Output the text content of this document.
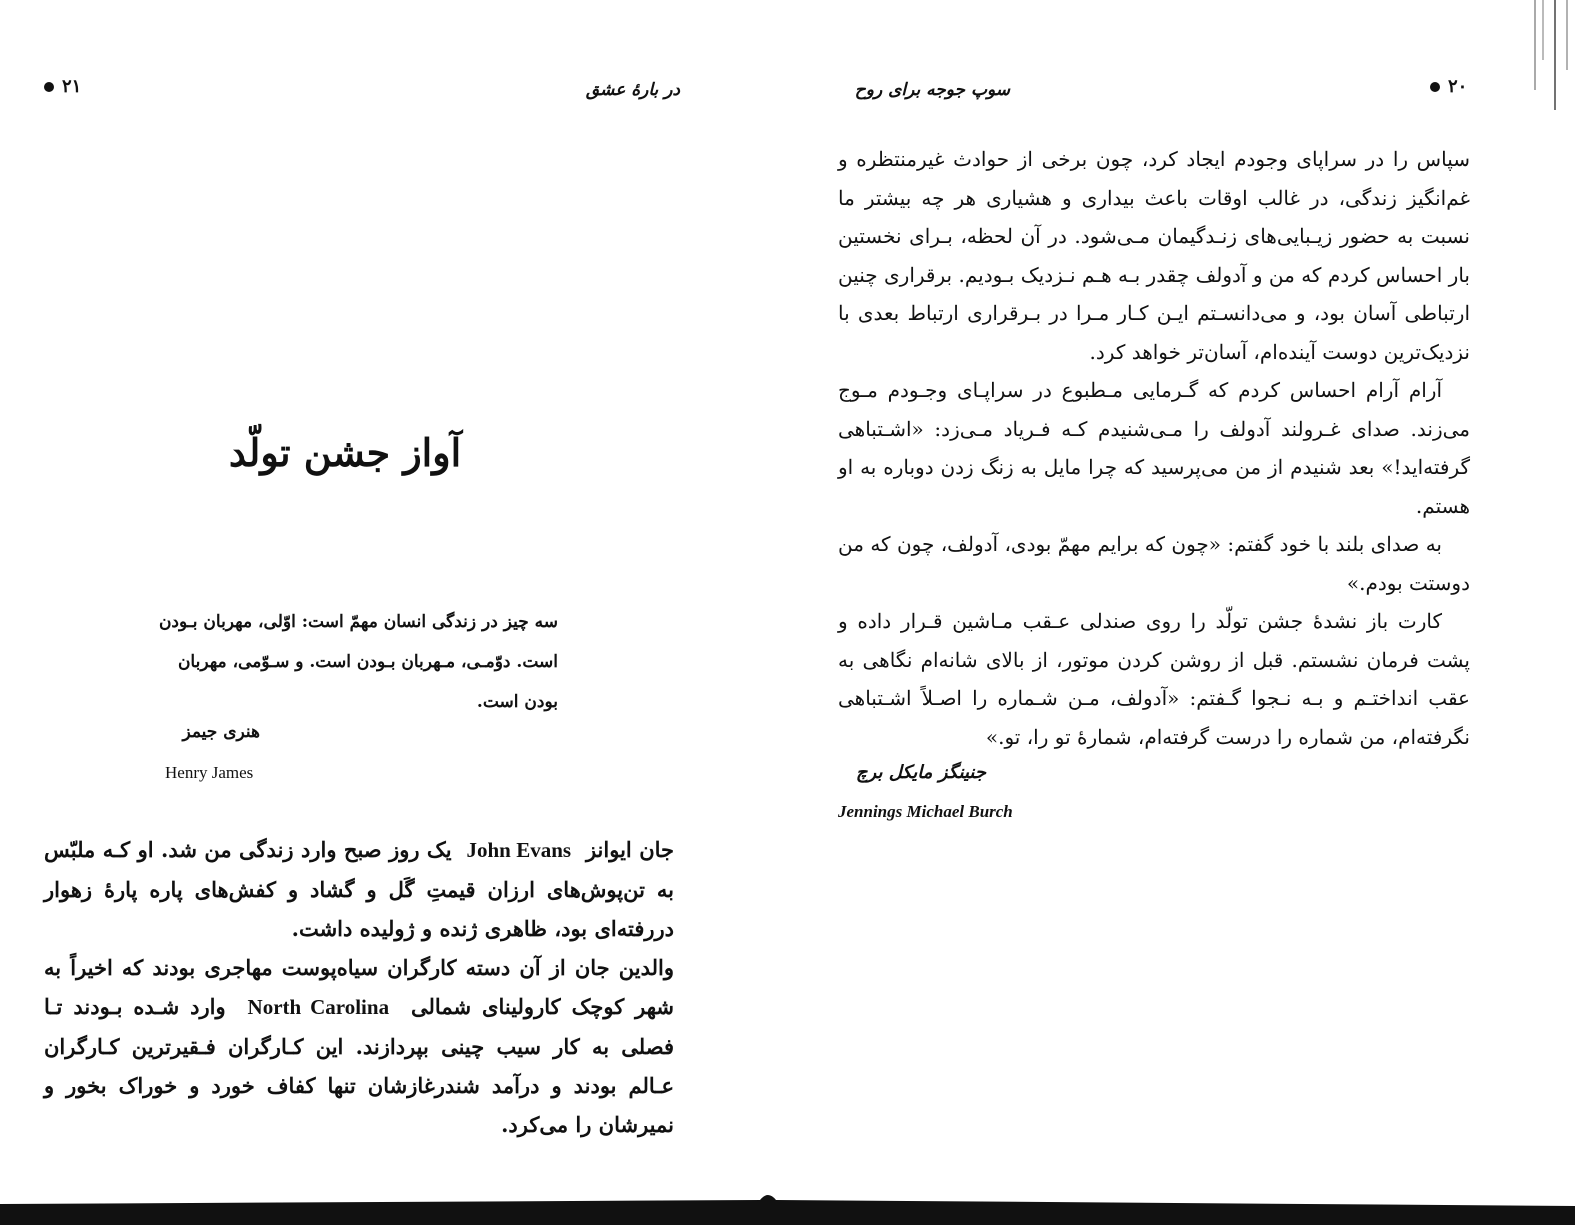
۲۱	در بارهٔ عشق
آواز جشن تولّد
سه چیز در زندگی انسان مهمّ است: اوّلی، مهربان بـودن است. دوّمـی، مـهربان بـودن است. و سـوّمی، مهربان بودن است.
هنری جیمز
Henry James

جان ایوانز  John Evans  یک روز صبح وارد زندگی من شد. او کـه ملبّس به تن‌پوش‌های ارزان قیمتِ گَل و گشاد و کفش‌های پاره پارهٔ زهوار دررفته‌ای بود، ظاهری ژنده و ژولیده داشت.

والدین جان از آن دسته کارگران سیاه‌پوست مهاجری بودند که اخیراً به شهر کوچک کارولینای شمالی  North Carolina  وارد شـده بـودند تـا فصلی به کار سیب چینی بپردازند. این کـارگران فـقیرترین کـارگران عـالم بودند و درآمد شندرغازشان تنها کفاف خورد و خوراک بخور و نمیرشان را می‌کرد.

۲۰
سوپ جوجه برای روح

سپاس را در سراپای وجودم ایجاد کرد، چون برخی از حوادث غیرمنتظره و غم‌انگیز زندگی، در غالب اوقات باعث بیداری و هشیاری هر چه بیشتر ما نسبت به حضور زیـبایی‌های زنـدگیمان مـی‌شود. در آن لحظه، بـرای نخستین بار احساس کردم که من و آدولف چقدر بـه هـم نـزدیک بـودیم. برقراری چنین ارتباطی آسان بود، و می‌دانسـتم ایـن کـار مـرا در بـرقراری ارتباط بعدی با نزدیک‌ترین دوست آینده‌ام، آسان‌تر خواهد کرد.

آرام آرام احساس کردم که گـرمایی مـطبوع در سراپـای وجـودم مـوج می‌زند. صدای غـرولند آدولف را مـی‌شنیدم کـه فـریاد مـی‌زد: «اشـتباهی گرفته‌اید!» بعد شنیدم از من می‌پرسید که چرا مایل به زنگ زدن دوباره به او هستم.

به صدای بلند با خود گفتم: «چون که برایم مهمّ بودی، آدولف، چون که من دوستت بودم.»

کارت باز نشدهٔ جشن تولّد را روی صندلی عـقب مـاشین قـرار داده و پشت فرمان نشستم. قبل از روشن کردن موتور، از بالای شانه‌ام نگاهی به عقب انداختـم و بـه نـجوا گـفتم: «آدولف، مـن شـماره را اصـلاً اشـتباهی نگرفته‌ام، من شماره را درست گرفته‌ام، شمارهٔ تو را، تو.»

جنینگز مایکل برچ
Jennings Michael Burch
